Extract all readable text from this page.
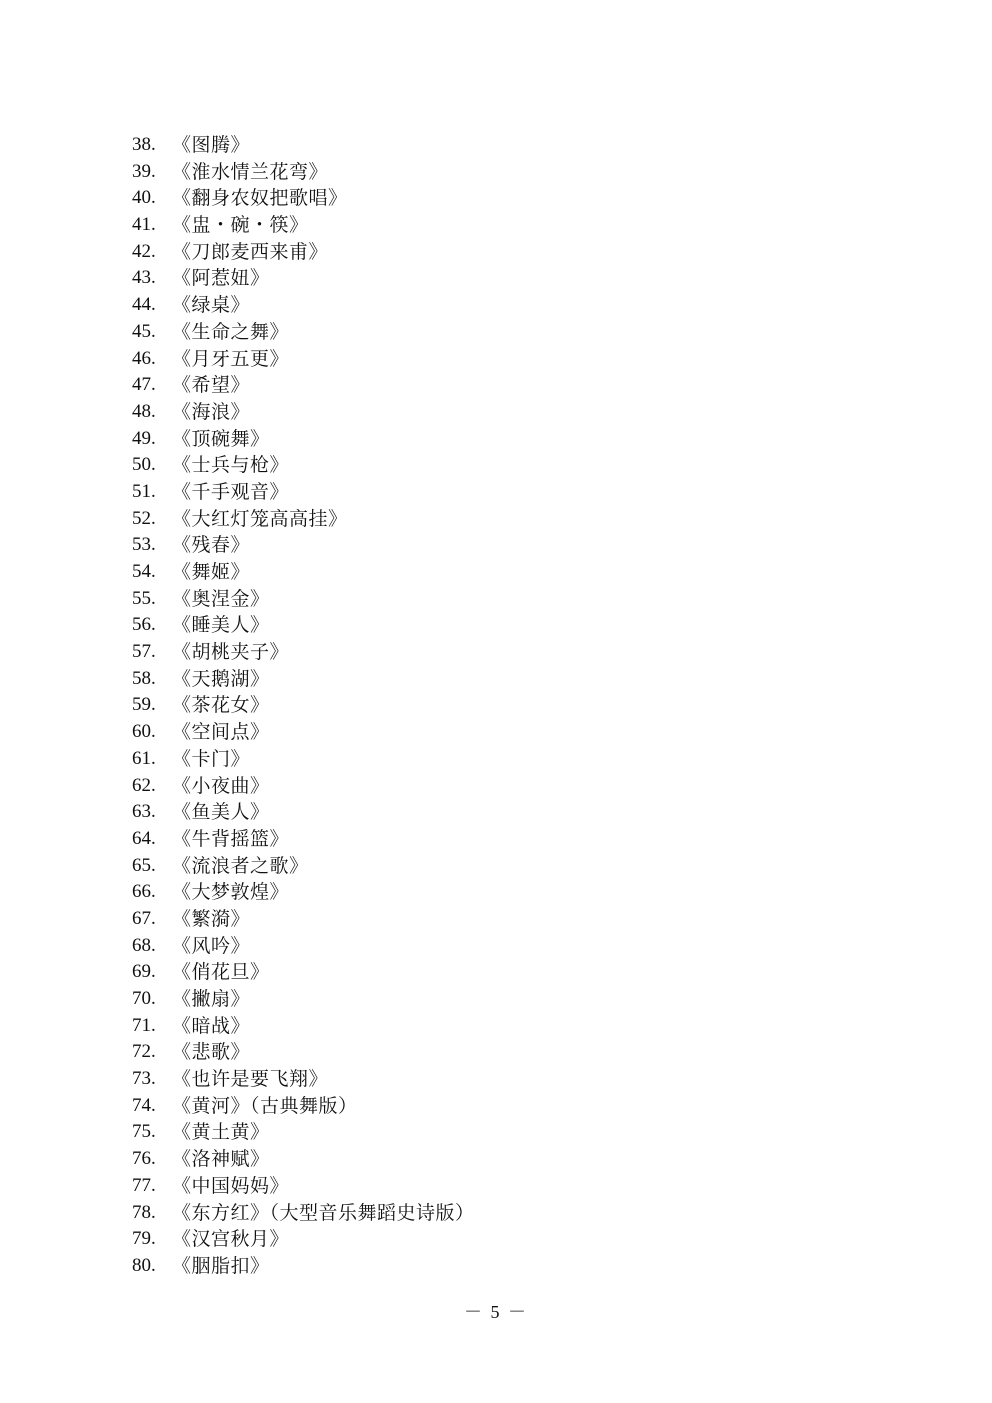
38. 《图腾》
39. 《淮水情兰花弯》
40. 《翻身农奴把歌唱》
41. 《盅・碗・筷》
42. 《刀郎麦西来甫》
43. 《阿惹妞》
44. 《绿桌》
45. 《生命之舞》
46. 《月牙五更》
47. 《希望》
48. 《海浪》
49. 《顶碗舞》
50. 《士兵与枪》
51. 《千手观音》
52. 《大红灯笼高高挂》
53. 《残春》
54. 《舞姬》
55. 《奥涅金》
56. 《睡美人》
57. 《胡桃夹子》
58. 《天鹅湖》
59. 《茶花女》
60. 《空间点》
61. 《卡门》
62. 《小夜曲》
63. 《鱼美人》
64. 《牛背摇篮》
65. 《流浪者之歌》
66. 《大梦敦煌》
67. 《繁漪》
68. 《风吟》
69. 《俏花旦》
70. 《撇扇》
71. 《暗战》
72. 《悲歌》
73. 《也许是要飞翔》
74. 《黄河》（古典舞版）
75. 《黄土黄》
76. 《洛神赋》
77. 《中国妈妈》
78. 《东方红》（大型音乐舞蹈史诗版）
79. 《汉宫秋月》
80. 《胭脂扣》
－ 5 －
